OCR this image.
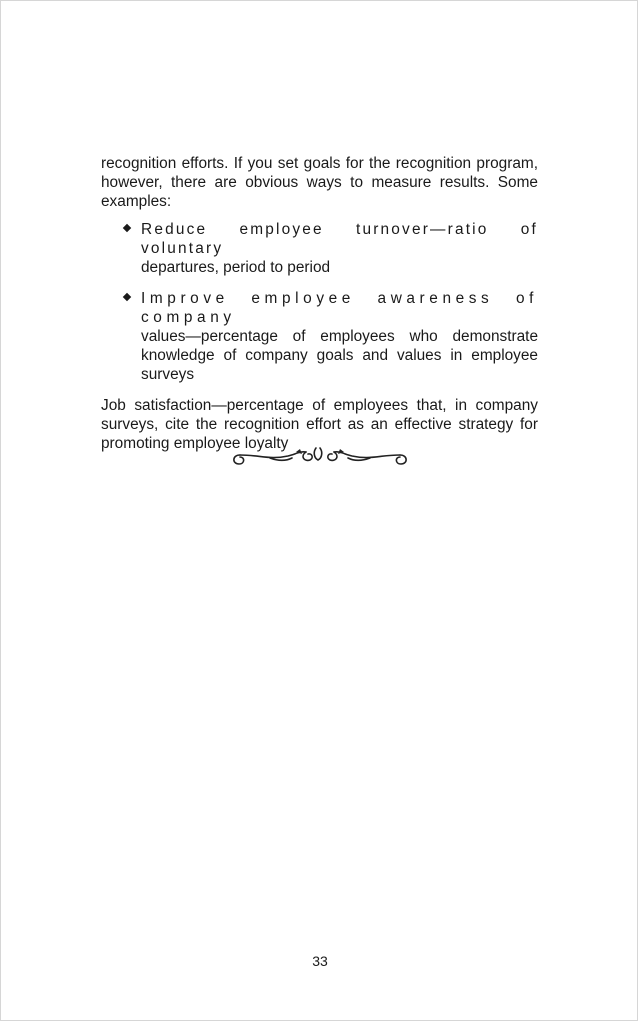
recognition efforts. If you set goals for the recognition program, however, there are obvious ways to measure results. Some examples:

Reduce employee turnover—ratio of voluntary
departures, period to period
Improve employee awareness of company
values—percentage of employees who demonstrate knowledge of company goals and values in employee surveys

Job satisfaction—percentage of employees that, in company surveys, cite the recognition effort as an effective strategy for promoting employee loyalty

33
